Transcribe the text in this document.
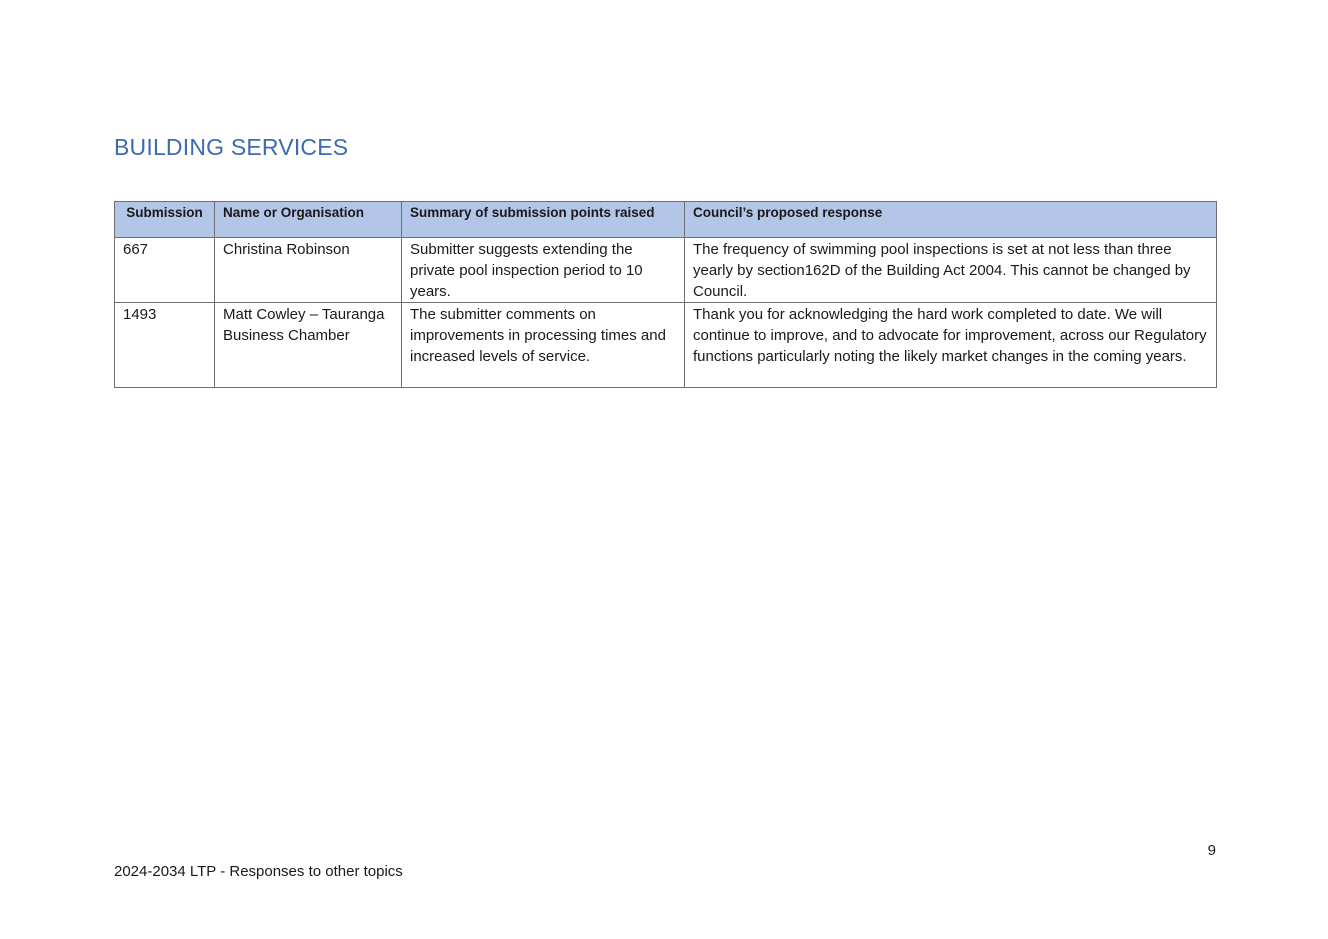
BUILDING SERVICES
Submission	Name or Organisation	Summary of submission points raised	Council’s proposed response
667	Christina Robinson	Submitter suggests extending the private pool inspection period to 10 years.	The frequency of swimming pool inspections is set at not less than three yearly by section162D of the Building Act 2004. This cannot be changed by Council.
1493	Matt Cowley – Tauranga Business Chamber	The submitter comments on improvements in processing times and increased levels of service.	Thank you for acknowledging the hard work completed to date. We will continue to improve, and to advocate for improvement, across our Regulatory functions particularly noting the likely market changes in the coming years.
9
2024-2034 LTP - Responses to other topics
